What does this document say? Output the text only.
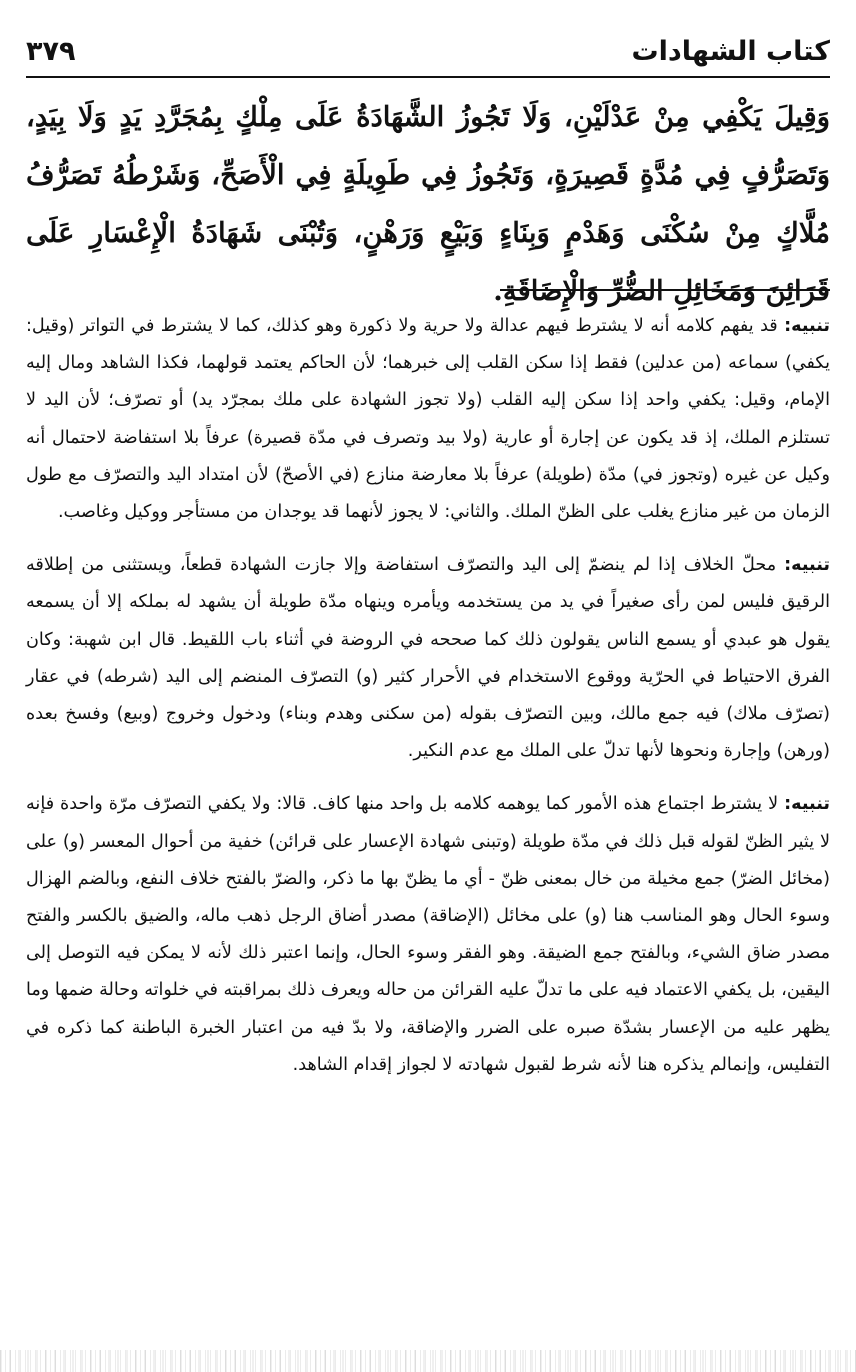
كتاب الشهادات
٣٧٩

وَقِيلَ يَكْفِي مِنْ عَدْلَيْنِ، وَلَا تَجُوزُ الشَّهَادَةُ عَلَى مِلْكٍ بِمُجَرَّدِ يَدٍ وَلَا بِيَدٍ، وَتَصَرُّفٍ فِي مُدَّةٍ قَصِيرَةٍ، وَتَجُوزُ فِي طَوِيلَةٍ فِي الْأَصَحِّ، وَشَرْطُهُ تَصَرُّفُ مُلَّاكٍ مِنْ سُكْنَى وَهَدْمٍ وَبِنَاءٍ وَبَيْعٍ وَرَهْنٍ، وَتُبْنَى شَهَادَةُ الْإِعْسَارِ عَلَى قَرَائِنَ وَمَخَائِلِ الضُّرِّ وَالْإِضَاقَةِ.

تنبيه: قد يفهم كلامه أنه لا يشترط فيهم عدالة ولا حرية ولا ذكورة وهو كذلك، كما لا يشترط في التواتر (وقيل: يكفي) سماعه (من عدلين) فقط إذا سكن القلب إلى خبرهما؛ لأن الحاكم يعتمد قولهما، فكذا الشاهد ومال إليه الإمام، وقيل: يكفي واحد إذا سكن إليه القلب (ولا تجوز الشهادة على ملك بمجرّد يد) أو تصرّف؛ لأن اليد لا تستلزم الملك، إذ قد يكون عن إجارة أو عارية (ولا بيد وتصرف في مدّة قصيرة) عرفاً بلا استفاضة لاحتمال أنه وكيل عن غيره (وتجوز في) مدّة (طويلة) عرفاً بلا معارضة منازع (في الأصحّ) لأن امتداد اليد والتصرّف مع طول الزمان من غير منازع يغلب على الظنّ الملك. والثاني: لا يجوز لأنهما قد يوجدان من مستأجر ووكيل وغاصب.

تنبيه: محلّ الخلاف إذا لم ينضمّ إلى اليد والتصرّف استفاضة وإلا جازت الشهادة قطعاً، ويستثنى من إطلاقه الرقيق فليس لمن رأى صغيراً في يد من يستخدمه ويأمره وينهاه مدّة طويلة أن يشهد له بملكه إلا أن يسمعه يقول هو عبدي أو يسمع الناس يقولون ذلك كما صححه في الروضة في أثناء باب اللقيط. قال ابن شهبة: وكان الفرق الاحتياط في الحرّية ووقوع الاستخدام في الأحرار كثير (و) التصرّف المنضم إلى اليد (شرطه) في عقار (تصرّف ملاك) فيه جمع مالك، وبين التصرّف بقوله (من سكنى وهدم وبناء) ودخول وخروج (وبيع) وفسخ بعده (ورهن) وإجارة ونحوها لأنها تدلّ على الملك مع عدم النكير.

تنبيه: لا يشترط اجتماع هذه الأمور كما يوهمه كلامه بل واحد منها كاف. قالا: ولا يكفي التصرّف مرّة واحدة فإنه لا يثير الظنّ لقوله قبل ذلك في مدّة طويلة (وتبنى شهادة الإعسار على قرائن) خفية من أحوال المعسر (و) على (مخائل الضرّ) جمع مخيلة من خال بمعنى ظنّ - أي ما يظنّ بها ما ذكر، والضرّ بالفتح خلاف النفع، وبالضم الهزال وسوء الحال وهو المناسب هنا (و) على مخائل (الإضاقة) مصدر أضاق الرجل ذهب ماله، والضيق بالكسر والفتح مصدر ضاق الشيء، وبالفتح جمع الضيقة. وهو الفقر وسوء الحال، وإنما اعتبر ذلك لأنه لا يمكن فيه التوصل إلى اليقين، بل يكفي الاعتماد فيه على ما تدلّ عليه القرائن من حاله ويعرف ذلك بمراقبته في خلواته وحالة ضمها وما يظهر عليه من الإعسار بشدّة صبره على الضرر والإضاقة، ولا بدّ فيه من اعتبار الخبرة الباطنة كما ذكره في التفليس، وإنمالم يذكره هنا لأنه شرط لقبول شهادته لا لجواز إقدام الشاهد.
